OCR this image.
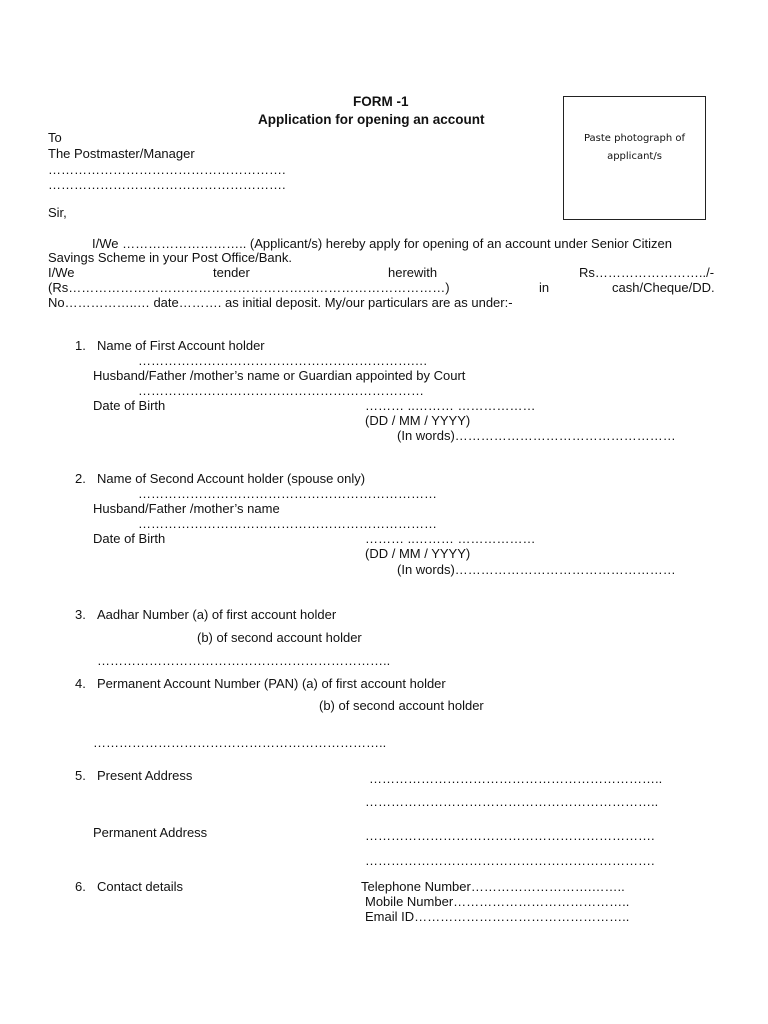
FORM -1
Application for opening an account
Paste photograph of
applicant/s
To
The Postmaster/Manager
……………………………………………….
……………………………………………….
Sir,
I/We ……………………….. (Applicant/s) hereby apply for opening of an account under Senior Citizen
Savings Scheme in your Post Office/Bank.
I/We	tender	herewith	Rs……………………../-
(Rs……………………………………………………………………………)	in	cash/Cheque/DD.
No……………..… date………. as initial deposit. My/our particulars are as under:-
1. Name of First Account holder
……………………………………………………….…
Husband/Father /mother’s name or Guardian appointed by Court
…………………………………………………………
Date of Birth	……… ..……… ………………
(DD / MM / YYYY)
(In words)……………………………………………
2. Name of Second Account holder (spouse only)
……………………………………………………………
Husband/Father /mother’s name
……………………………………………………………
Date of Birth	……… ..……… ………………
(DD / MM / YYYY)
(In words)……………………………………………
3. Aadhar Number (a) of first account holder
(b) of second account holder
…………………………………………………………..
4. Permanent Account Number (PAN) (a) of first account holder
(b) of second account holder
…………………………………………………………..
5. Present Address	…………………………………………………………..
…………………………………………………………..
Permanent Address	………………………………………………………….
………………………………………………………….
6. Contact details	Telephone Number……………………….……..
Mobile Number…………………………………..
Email ID…………………………………………..
